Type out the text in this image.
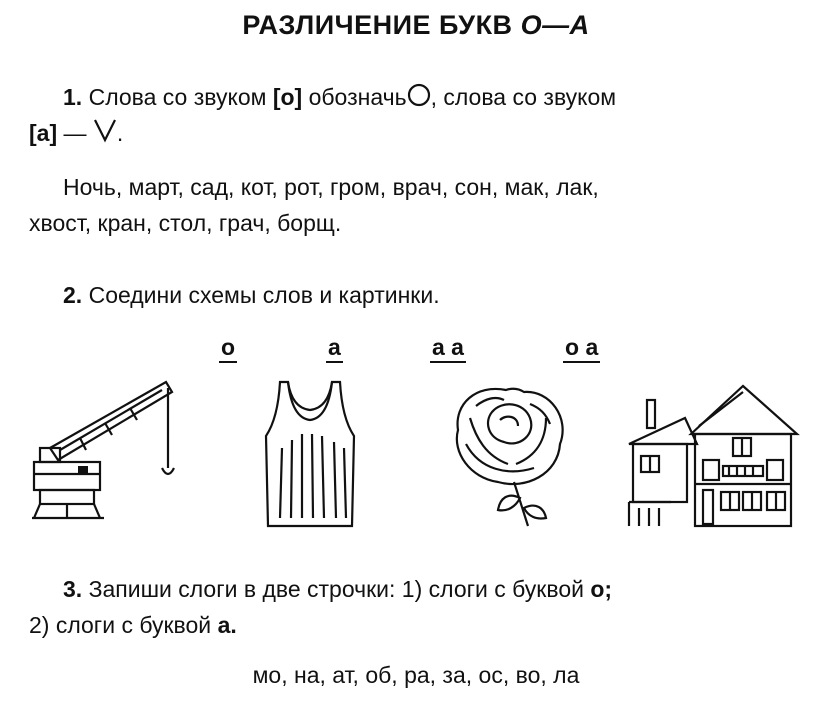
РАЗЛИЧЕНИЕ БУКВ О—А
1. Слова со звуком [о] обозначь , слова со звуком
[а] — .
Ночь, март, сад, кот, рот, гром, врач, сон, мак, лак,
хвост, кран, стол, грач, борщ.
2. Соедини схемы слов и картинки.
о	а	а а	о а
3. Запиши слоги в две строчки: 1) слоги с буквой о;
2) слоги с буквой а.
мо, на, ат, об, ра, за, ос, во, ла
